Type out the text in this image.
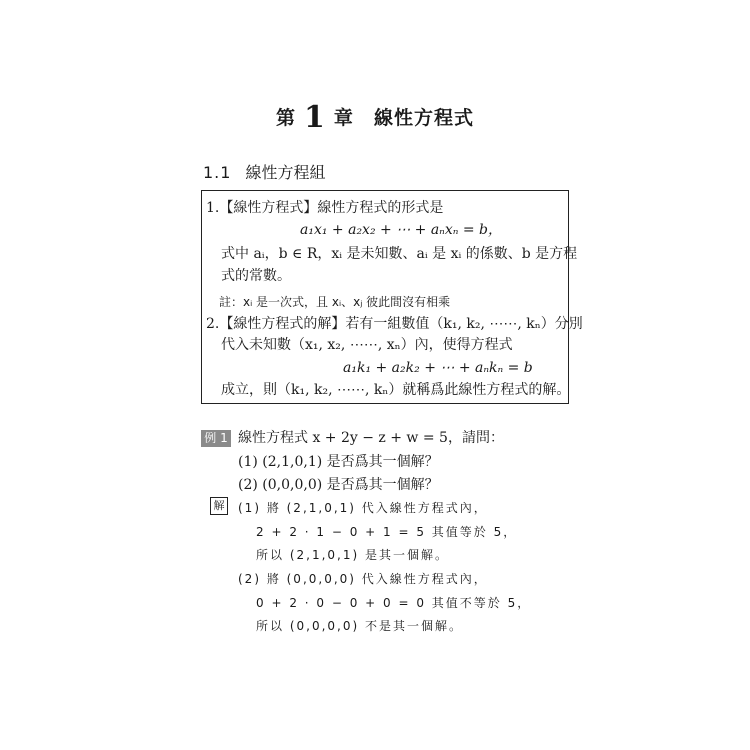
第 1 章 線性方程式
1.1 線性方程組
1.【線性方程式】線性方程式的形式是
a₁x₁ + a₂x₂ + ⋯ + aₙxₙ = b，
式中 aᵢ，b ∈ R，xᵢ 是未知數、aᵢ 是 xᵢ 的係數、b 是方程
式的常數。
註：xᵢ 是一次式，且 xᵢ、xⱼ 彼此間沒有相乘
2.【線性方程式的解】若有一組數值（k₁, k₂, ⋯⋯, kₙ）分別
代入未知數（x₁, x₂, ⋯⋯, xₙ）內，使得方程式
a₁k₁ + a₂k₂ + ⋯ + aₙkₙ = b
成立，則（k₁, k₂, ⋯⋯, kₙ）就稱爲此線性方程式的解。
例 1 線性方程式 x + 2y − z + w = 5，請問：
(1) (2,1,0,1) 是否爲其一個解？
(2) (0,0,0,0) 是否爲其一個解？
解 (1) 將 (2,1,0,1) 代入線性方程式內，
2 + 2 · 1 − 0 + 1 = 5 其值等於 5，
所以 (2,1,0,1) 是其一個解。
(2) 將 (0,0,0,0) 代入線性方程式內，
0 + 2 · 0 − 0 + 0 = 0 其值不等於 5，
所以 (0,0,0,0) 不是其一個解。
